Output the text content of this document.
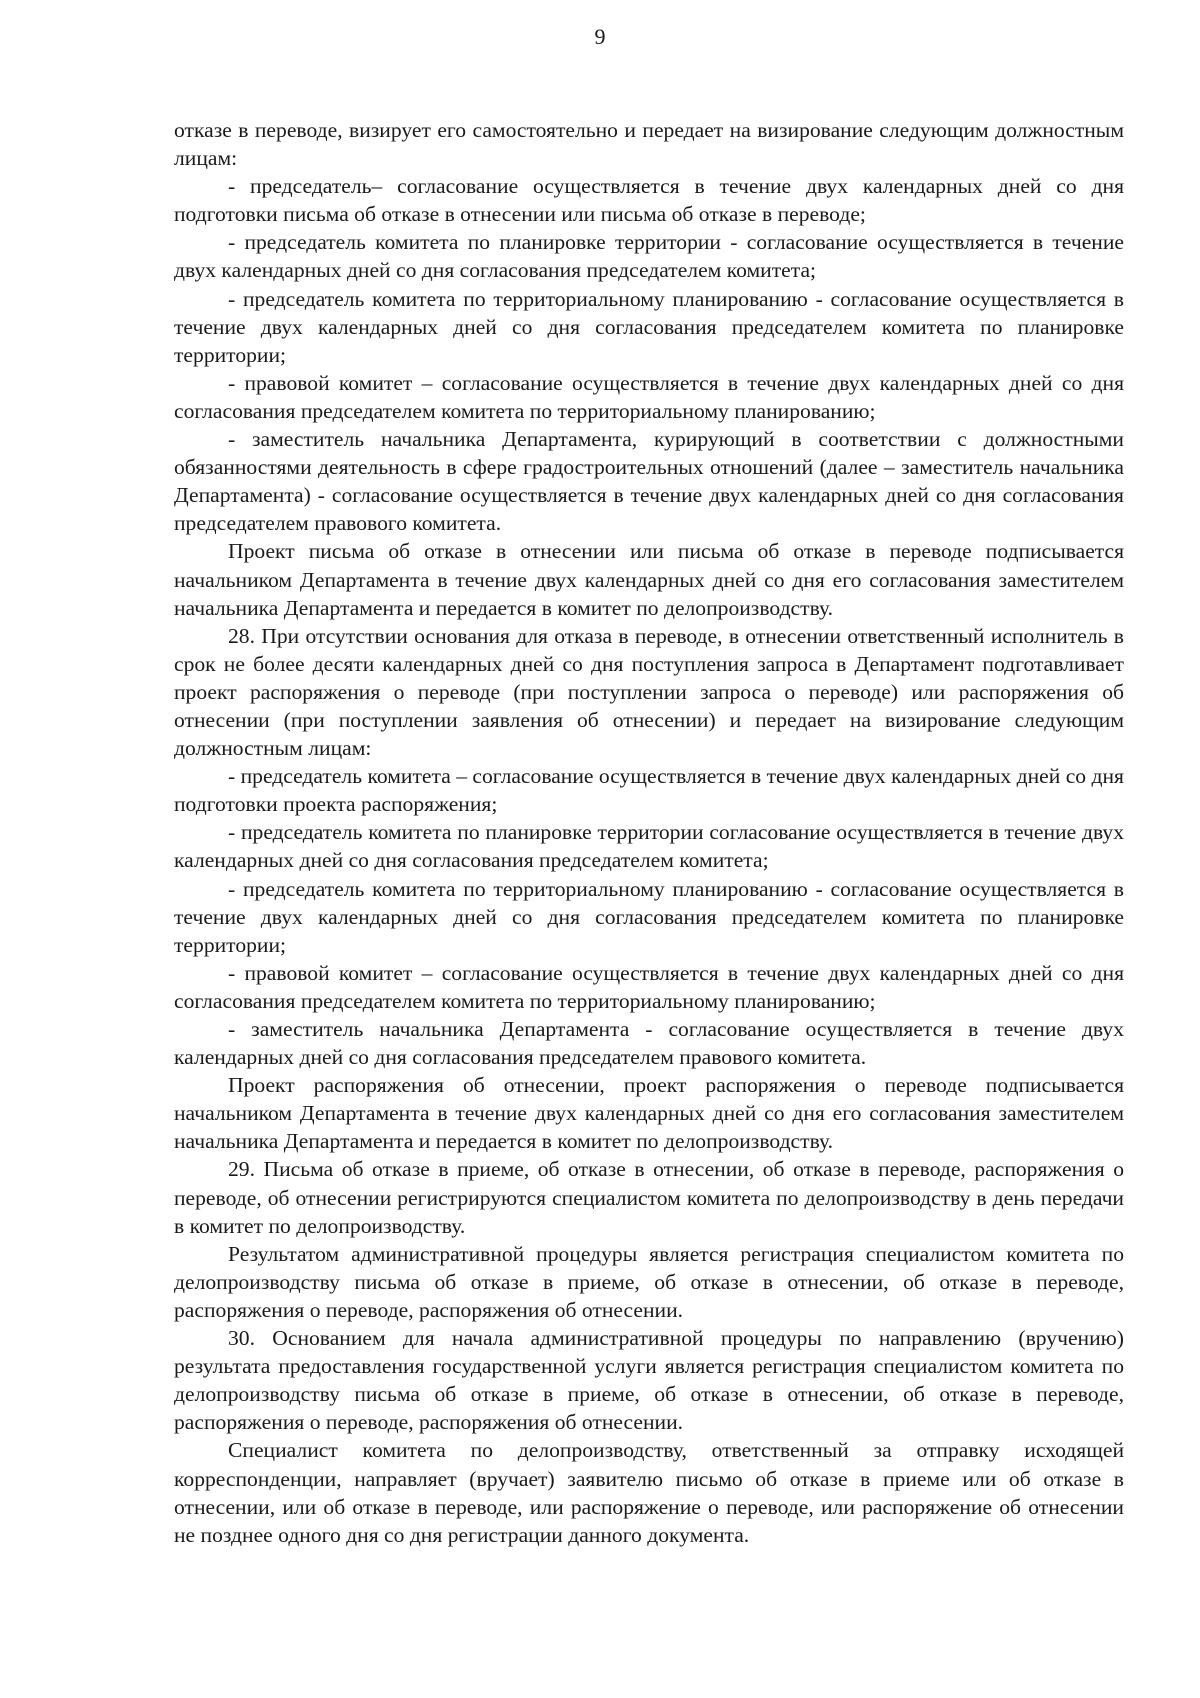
9

отказе в переводе, визирует его самостоятельно и передает на визирование следующим должностным лицам:

- председатель– согласование осуществляется в течение двух календарных дней со дня подготовки письма об отказе в отнесении или письма об отказе в переводе;

- председатель комитета по планировке территории - согласование осуществляется в течение двух календарных дней со дня согласования председателем комитета;

- председатель комитета по территориальному планированию - согласование осуществляется в течение двух календарных дней со дня согласования председателем комитета по планировке территории;

- правовой комитет – согласование осуществляется в течение двух календарных дней со дня согласования председателем комитета по территориальному планированию;

- заместитель начальника Департамента, курирующий в соответствии с должностными обязанностями деятельность в сфере градостроительных отношений (далее – заместитель начальника Департамента) - согласование осуществляется в течение двух календарных дней со дня согласования председателем правового комитета.

Проект письма об отказе в отнесении или письма об отказе в переводе подписывается начальником Департамента в течение двух календарных дней со дня его согласования заместителем начальника Департамента и передается в комитет по делопроизводству.

28. При отсутствии основания для отказа в переводе, в отнесении ответственный исполнитель в срок не более десяти календарных дней со дня поступления запроса в Департамент подготавливает проект распоряжения о переводе (при поступлении запроса о переводе) или распоряжения об отнесении (при поступлении заявления об отнесении) и передает на визирование следующим должностным лицам:

- председатель комитета – согласование осуществляется в течение двух календарных дней со дня подготовки проекта распоряжения;

- председатель комитета по планировке территории согласование осуществляется в течение двух календарных дней со дня согласования председателем комитета;

- председатель комитета по территориальному планированию - согласование осуществляется в течение двух календарных дней со дня согласования председателем комитета по планировке территории;

- правовой комитет – согласование осуществляется в течение двух календарных дней со дня согласования председателем комитета по территориальному планированию;

- заместитель начальника Департамента - согласование осуществляется в течение двух календарных дней со дня согласования председателем правового комитета.

Проект распоряжения об отнесении, проект распоряжения о переводе подписывается начальником Департамента в течение двух календарных дней со дня его согласования заместителем начальника Департамента и передается в комитет по делопроизводству.

29. Письма об отказе в приеме, об отказе в отнесении, об отказе в переводе, распоряжения о переводе, об отнесении регистрируются специалистом комитета по делопроизводству в день передачи в комитет по делопроизводству.

Результатом административной процедуры является регистрация специалистом комитета по делопроизводству письма об отказе в приеме, об отказе в отнесении, об отказе в переводе, распоряжения о переводе, распоряжения об отнесении.

30. Основанием для начала административной процедуры по направлению (вручению) результата предоставления государственной услуги является регистрация специалистом комитета по делопроизводству письма об отказе в приеме, об отказе в отнесении, об отказе в переводе, распоряжения о переводе, распоряжения об отнесении.

Специалист комитета по делопроизводству, ответственный за отправку исходящей корреспонденции, направляет (вручает) заявителю письмо об отказе в приеме или об отказе в отнесении, или об отказе в переводе, или распоряжение о переводе, или распоряжение об отнесении не позднее одного дня со дня регистрации данного документа.
